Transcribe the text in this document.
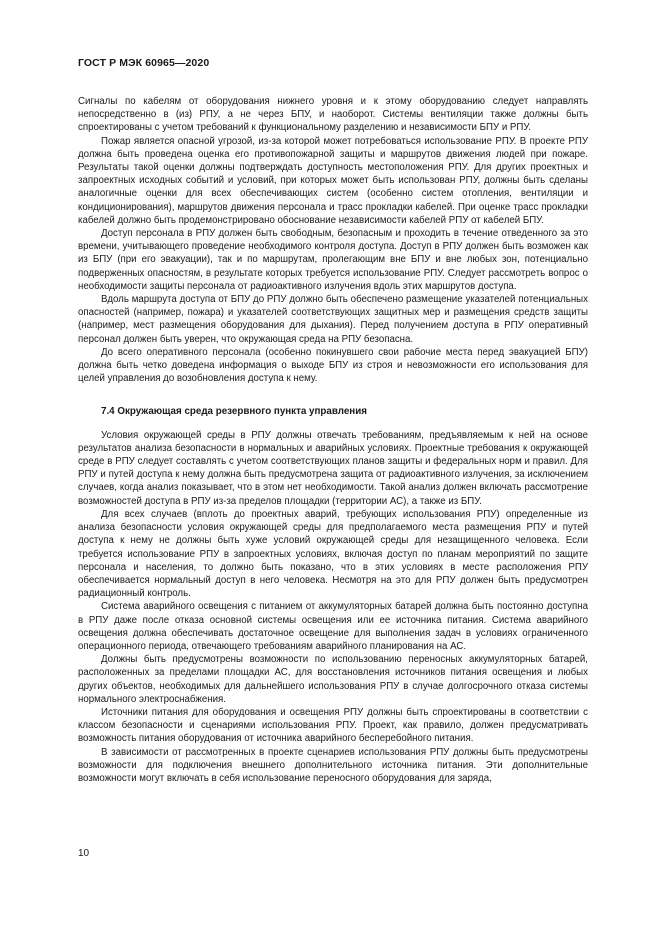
ГОСТ Р МЭК 60965—2020

Сигналы по кабелям от оборудования нижнего уровня и к этому оборудованию следует направлять непосредственно в (из) РПУ, а не через БПУ, и наоборот. Системы вентиляции также должны быть спроектированы с учетом требований к функциональному разделению и независимости БПУ и РПУ.

Пожар является опасной угрозой, из-за которой может потребоваться использование РПУ. В проекте РПУ должна быть проведена оценка его противопожарной защиты и маршрутов движения людей при пожаре. Результаты такой оценки должны подтверждать доступность местоположения РПУ. Для других проектных и запроектных исходных событий и условий, при которых может быть использован РПУ, должны быть сделаны аналогичные оценки для всех обеспечивающих систем (особенно систем отопления, вентиляции и кондиционирования), маршрутов движения персонала и трасс прокладки кабелей. При оценке трасс прокладки кабелей должно быть продемонстрировано обоснование независимости кабелей РПУ от кабелей БПУ.

Доступ персонала в РПУ должен быть свободным, безопасным и проходить в течение отведенного за это времени, учитывающего проведение необходимого контроля доступа. Доступ в РПУ должен быть возможен как из БПУ (при его эвакуации), так и по маршрутам, пролегающим вне БПУ и вне любых зон, потенциально подверженных опасностям, в результате которых требуется использование РПУ. Следует рассмотреть вопрос о необходимости защиты персонала от радиоактивного излучения вдоль этих маршрутов доступа.

Вдоль маршрута доступа от БПУ до РПУ должно быть обеспечено размещение указателей потенциальных опасностей (например, пожара) и указателей соответствующих защитных мер и размещения средств защиты (например, мест размещения оборудования для дыхания). Перед получением доступа в РПУ оперативный персонал должен быть уверен, что окружающая среда на РПУ безопасна.

До всего оперативного персонала (особенно покинувшего свои рабочие места перед эвакуацией БПУ) должна быть четко доведена информация о выходе БПУ из строя и невозможности его использования для целей управления до возобновления доступа к нему.

7.4 Окружающая среда резервного пункта управления

Условия окружающей среды в РПУ должны отвечать требованиям, предъявляемым к ней на основе результатов анализа безопасности в нормальных и аварийных условиях. Проектные требования к окружающей среде в РПУ следует составлять с учетом соответствующих планов защиты и федеральных норм и правил. Для РПУ и путей доступа к нему должна быть предусмотрена защита от радиоактивного излучения, за исключением случаев, когда анализ показывает, что в этом нет необходимости. Такой анализ должен включать рассмотрение возможностей доступа в РПУ из-за пределов площадки (территории АС), а также из БПУ.

Для всех случаев (вплоть до проектных аварий, требующих использования РПУ) определенные из анализа безопасности условия окружающей среды для предполагаемого места размещения РПУ и путей доступа к нему не должны быть хуже условий окружающей среды для незащищенного человека. Если требуется использование РПУ в запроектных условиях, включая доступ по планам мероприятий по защите персонала и населения, то должно быть показано, что в этих условиях в месте расположения РПУ обеспечивается нормальный доступ в него человека. Несмотря на это для РПУ должен быть предусмотрен радиационный контроль.

Система аварийного освещения с питанием от аккумуляторных батарей должна быть постоянно доступна в РПУ даже после отказа основной системы освещения или ее источника питания. Система аварийного освещения должна обеспечивать достаточное освещение для выполнения задач в условиях ограниченного операционного периода, отвечающего требованиям аварийного планирования на АС.

Должны быть предусмотрены возможности по использованию переносных аккумуляторных батарей, расположенных за пределами площадки АС, для восстановления источников питания освещения и любых других объектов, необходимых для дальнейшего использования РПУ в случае долгосрочного отказа системы нормального электроснабжения.

Источники питания для оборудования и освещения РПУ должны быть спроектированы в соответствии с классом безопасности и сценариями использования РПУ. Проект, как правило, должен предусматривать возможность питания оборудования от источника аварийного бесперебойного питания.

В зависимости от рассмотренных в проекте сценариев использования РПУ должны быть предусмотрены возможности для подключения внешнего дополнительного источника питания. Эти дополнительные возможности могут включать в себя использование переносного оборудования для заряда,

10
